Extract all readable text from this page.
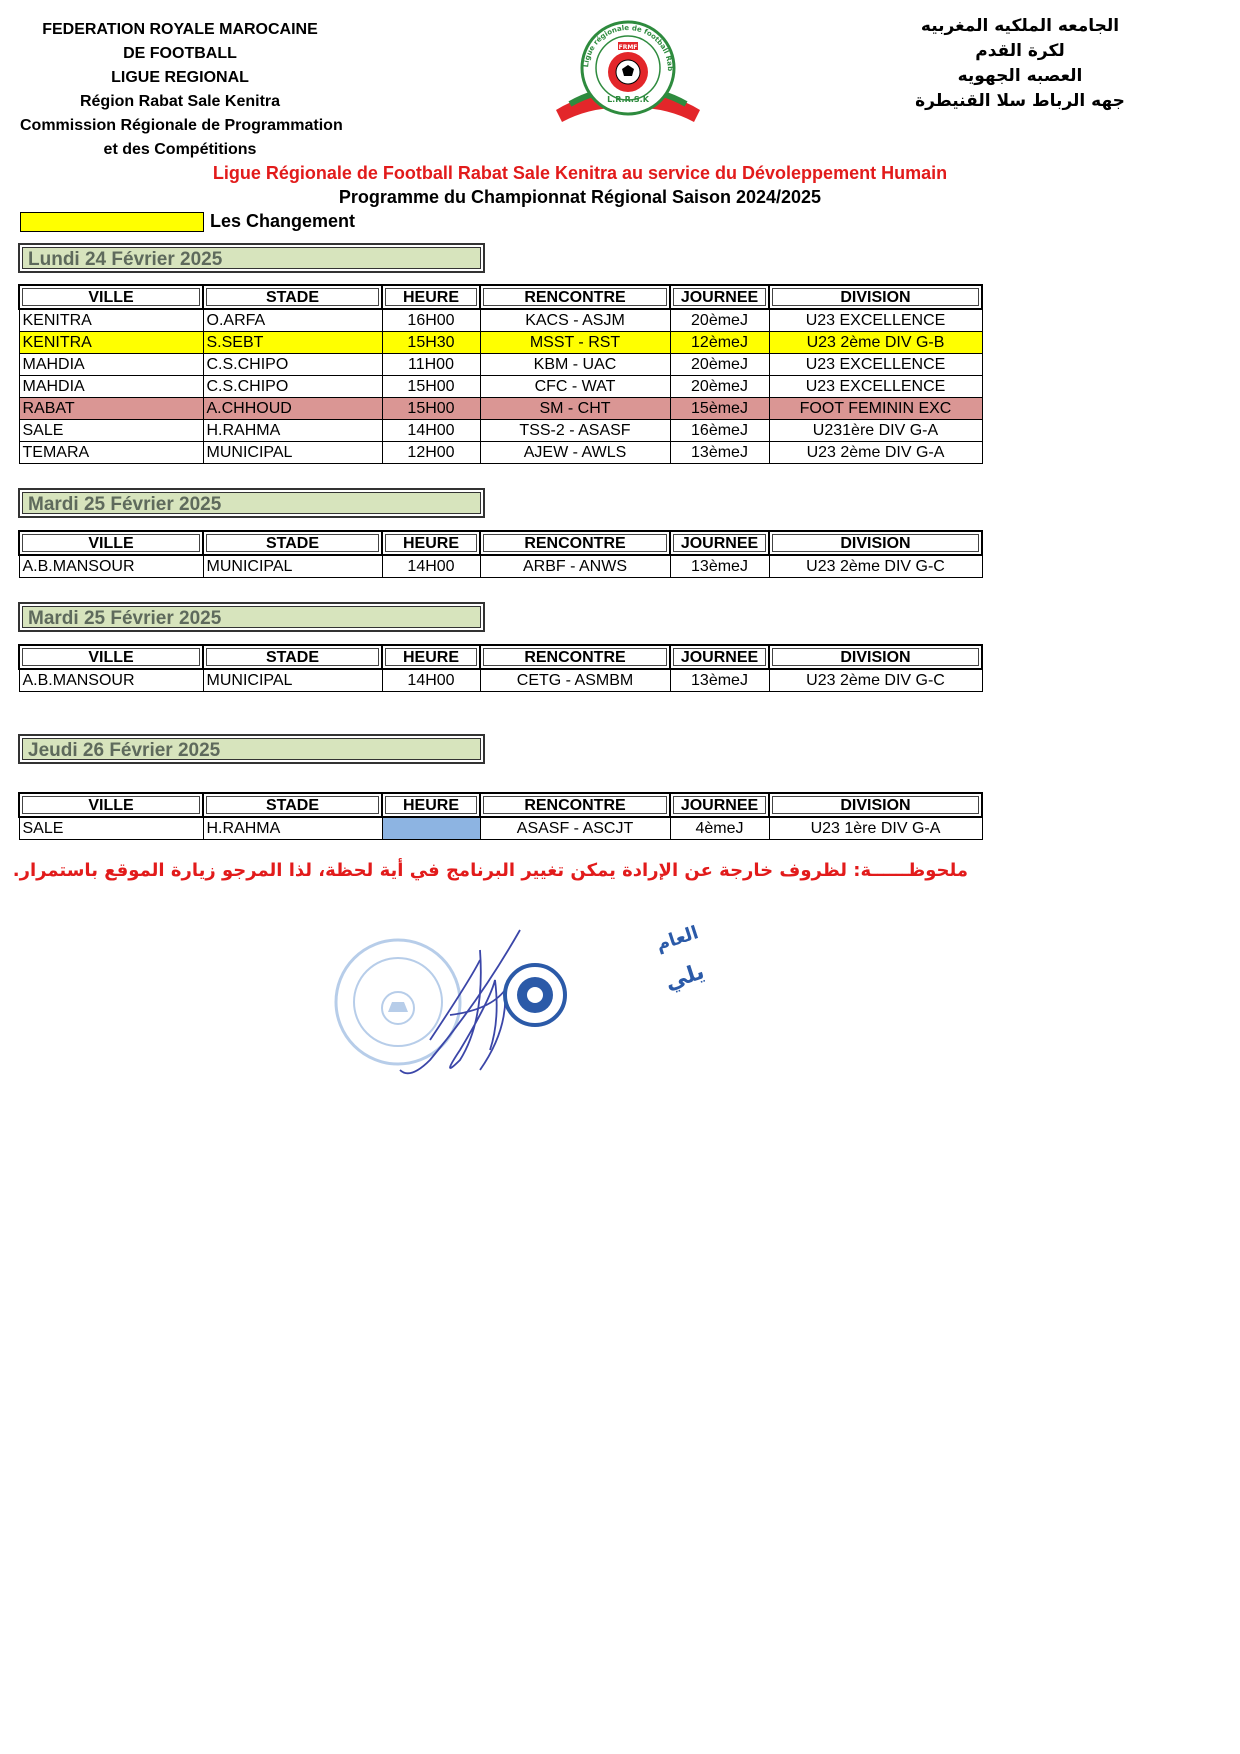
FEDERATION ROYALE MAROCAINE
DE FOOTBALL
LIGUE REGIONAL
Région Rabat Sale Kenitra
Commission Régionale de Programmation
et des Compétitions
FRMF
L.R.R.S.K
Ligue régionale de football Rab
الجامعه الملكيه المغربيه
لكرة القدم
العصبه الجهويه
جهه الرباط سلا القنيطرة
Ligue Régionale de Football Rabat Sale Kenitra au service du Dévoleppement Humain
Programme du Championnat Régional Saison 2024/2025
Les Changement
Lundi 24 Février 2025
VILLE	STADE	HEURE	RENCONTRE	JOURNEE	DIVISION
KENITRA	O.ARFA	16H00	KACS - ASJM	20èmeJ	U23 EXCELLENCE
KENITRA	S.SEBT	15H30	MSST - RST	12èmeJ	U23 2ème DIV G-B
MAHDIA	C.S.CHIPO	11H00	KBM - UAC	20èmeJ	U23 EXCELLENCE
MAHDIA	C.S.CHIPO	15H00	CFC - WAT	20èmeJ	U23 EXCELLENCE
RABAT	A.CHHOUD	15H00	SM - CHT	15èmeJ	FOOT FEMININ EXC
SALE	H.RAHMA	14H00	TSS-2 - ASASF	16èmeJ	U231ère DIV G-A
TEMARA	MUNICIPAL	12H00	AJEW - AWLS	13èmeJ	U23 2ème DIV G-A
Mardi 25 Février 2025
VILLE	STADE	HEURE	RENCONTRE	JOURNEE	DIVISION
A.B.MANSOUR	MUNICIPAL	14H00	ARBF - ANWS	13èmeJ	U23 2ème DIV G-C
Mardi 25 Février 2025
VILLE	STADE	HEURE	RENCONTRE	JOURNEE	DIVISION
A.B.MANSOUR	MUNICIPAL	14H00	CETG - ASMBM	13èmeJ	U23 2ème DIV G-C
Jeudi 26 Février 2025
VILLE	STADE	HEURE	RENCONTRE	JOURNEE	DIVISION
SALE	H.RAHMA		ASASF - ASCJT	4èmeJ	U23 1ère DIV G-A
ملحوظــــــة: لظروف خارجة عن الإرادة يمكن تغيير البرنامج في أية لحظة، لذا المرجو زيارة الموقع باستمرار.
الكاتب العام
بوديلي
